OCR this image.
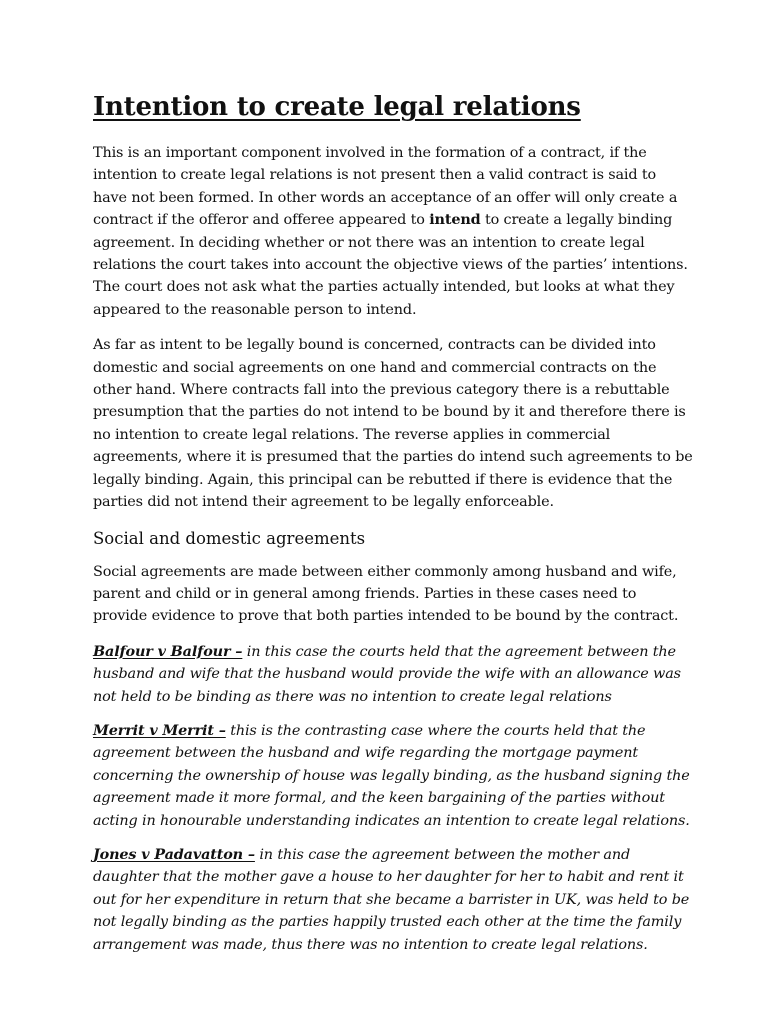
Intention to create legal relations

This is an important component involved in the formation of a contract, if the intention to create legal relations is not present then a valid contract is said to have not been formed. In other words an acceptance of an offer will only create a contract if the offeror and offeree appeared to intend to create a legally binding agreement. In deciding whether or not there was an intention to create legal relations the court takes into account the objective views of the parties’ intentions. The court does not ask what the parties actually intended, but looks at what they appeared to the reasonable person to intend.

As far as intent to be legally bound is concerned, contracts can be divided into domestic and social agreements on one hand and commercial contracts on the other hand. Where contracts fall into the previous category there is a rebuttable presumption that the parties do not intend to be bound by it and therefore there is no intention to create legal relations. The reverse applies in commercial agreements, where it is presumed that the parties do intend such agreements to be legally binding. Again, this principal can be rebutted if there is evidence that the parties did not intend their agreement to be legally enforceable.

Social and domestic agreements

Social agreements are made between either commonly among husband and wife, parent and child or in general among friends. Parties in these cases need to provide evidence to prove that both parties intended to be bound by the contract.

Balfour v Balfour – in this case the courts held that the agreement between the husband and wife that the husband would provide the wife with an allowance was not held to be binding as there was no intention to create legal relations

Merrit v Merrit – this is the contrasting case where the courts held that the agreement between the husband and wife regarding the mortgage payment concerning the ownership of house was legally binding, as the husband signing the agreement made it more formal, and the keen bargaining of the parties without acting in honourable understanding indicates an intention to create legal relations.

Jones v Padavatton – in this case the agreement between the mother and daughter that the mother gave a house to her daughter for her to habit and rent it out for her expenditure in return that she became a barrister in UK, was held to be not legally binding as the parties happily trusted each other at the time the family arrangement was made, thus there was no intention to create legal relations.
